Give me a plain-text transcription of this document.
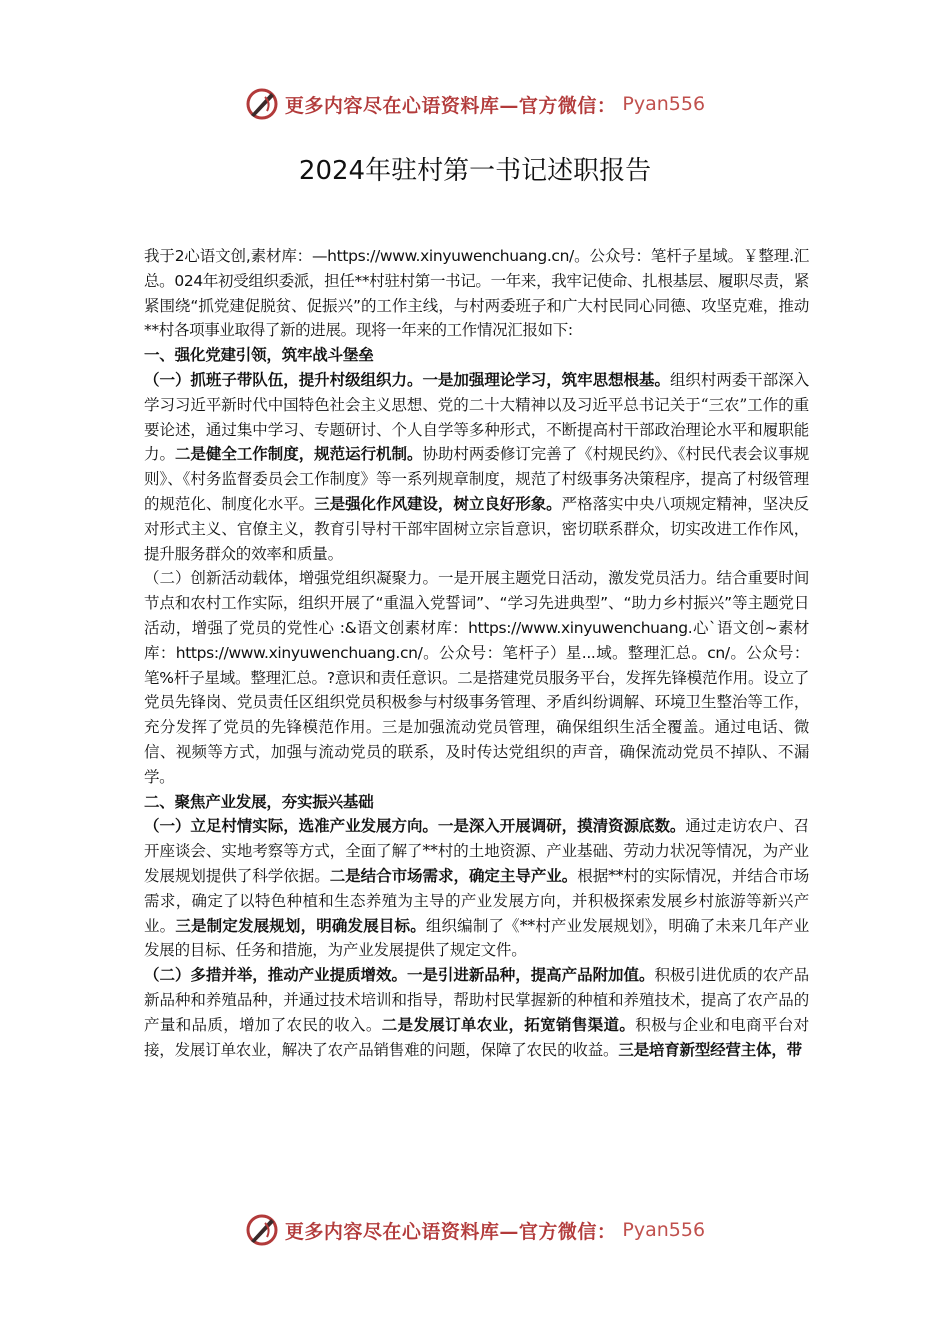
更多内容尽在心语资料库—官方微信： Pyan556
2024年驻村第一书记述职报告

我于2心语文创,素材库：—https://www.xinyuwenchuang.cn/。公众号：笔杆子星域。￥整理.汇总。024年初受组织委派，担任**村驻村第一书记。一年来，我牢记使命、扎根基层、履职尽责，紧紧围绕“抓党建促脱贫、促振兴”的工作主线，与村两委班子和广大村民同心同德、攻坚克难，推动**村各项事业取得了新的进展。现将一年来的工作情况汇报如下:

一、强化党建引领，筑牢战斗堡垒

（一）抓班子带队伍，提升村级组织力。一是加强理论学习，筑牢思想根基。组织村两委干部深入学习习近平新时代中国特色社会主义思想、党的二十大精神以及习近平总书记关于“三农”工作的重要论述，通过集中学习、专题研讨、个人自学等多种形式，不断提高村干部政治理论水平和履职能力。二是健全工作制度，规范运行机制。协助村两委修订完善了《村规民约》、《村民代表会议事规则》、《村务监督委员会工作制度》等一系列规章制度，规范了村级事务决策程序，提高了村级管理的规范化、制度化水平。三是强化作风建设，树立良好形象。严格落实中央八项规定精神，坚决反对形式主义、官僚主义，教育引导村干部牢固树立宗旨意识，密切联系群众，切实改进工作作风，提升服务群众的效率和质量。

（二）创新活动载体，增强党组织凝聚力。一是开展主题党日活动，激发党员活力。结合重要时间节点和农村工作实际，组织开展了“重温入党誓词”、“学习先进典型”、“助力乡村振兴”等主题党日活动，增强了党员的党性心 :&语文创素材库：https://www.xinyuwenchuang.心`语文创~素材库：https://www.xinyuwenchuang.cn/。公众号：笔杆子）星...域。整理汇总。cn/。公众号：笔%杆子星域。整理汇总。?意识和责任意识。二是搭建党员服务平台，发挥先锋模范作用。设立了党员先锋岗、党员责任区组织党员积极参与村级事务管理、矛盾纠纷调解、环境卫生整治等工作，充分发挥了党员的先锋模范作用。三是加强流动党员管理，确保组织生活全覆盖。通过电话、微信、视频等方式，加强与流动党员的联系，及时传达党组织的声音，确保流动党员不掉队、不漏学。

二、聚焦产业发展，夯实振兴基础

（一）立足村情实际，选准产业发展方向。一是深入开展调研，摸清资源底数。通过走访农户、召开座谈会、实地考察等方式，全面了解了**村的土地资源、产业基础、劳动力状况等情况，为产业发展规划提供了科学依据。二是结合市场需求，确定主导产业。根据**村的实际情况，并结合市场需求，确定了以特色种植和生态养殖为主导的产业发展方向，并积极探索发展乡村旅游等新兴产业。三是制定发展规划，明确发展目标。组织编制了《**村产业发展规划》，明确了未来几年产业发展的目标、任务和措施，为产业发展提供了规定文件。

（二）多措并举，推动产业提质增效。一是引进新品种，提高产品附加值。积极引进优质的农产品新品种和养殖品种，并通过技术培训和指导，帮助村民掌握新的种植和养殖技术，提高了农产品的产量和品质，增加了农民的收入。二是发展订单农业，拓宽销售渠道。积极与企业和电商平台对接，发展订单农业，解决了农产品销售难的问题，保障了农民的收益。三是培育新型经营主体，带

更多内容尽在心语资料库—官方微信： Pyan556
